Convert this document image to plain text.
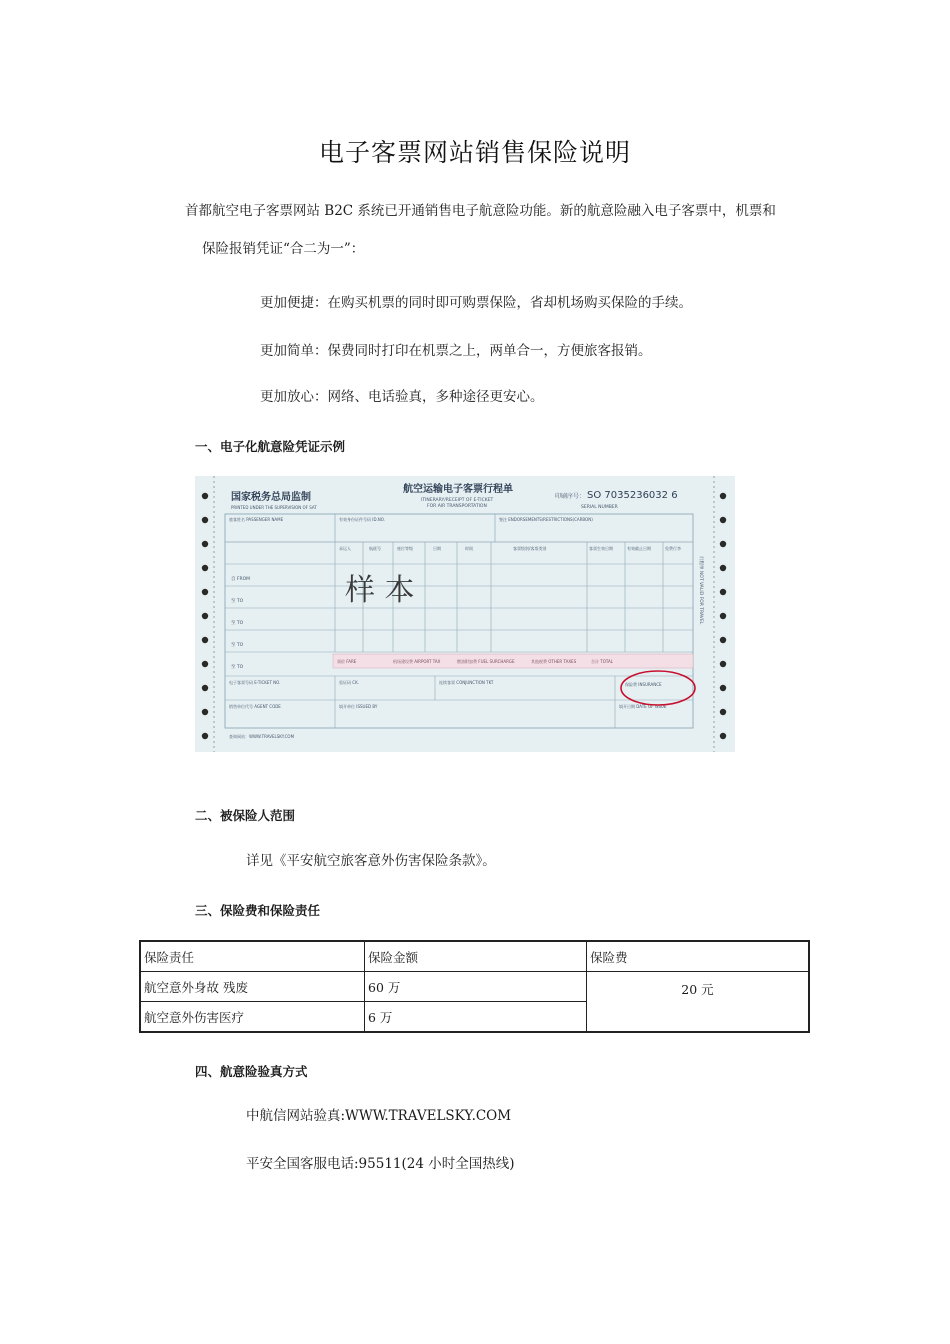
电子客票网站销售保险说明
首都航空电子客票网站 B2C 系统已开通销售电子航意险功能。新的航意险融入电子客票中，机票和
保险报销凭证“合二为一”：
更加便捷：在购买机票的同时即可购票保险，省却机场购买保险的手续。
更加简单：保费同时打印在机票之上，两单合一，方便旅客报销。
更加放心：网络、电话验真，多种途径更安心。
一、电子化航意险凭证示例
国家税务总局监制
PRINTED UNDER THE SUPERVISION OF SAT
航空运输电子客票行程单
ITINERARY/RECEIPT OF E-TICKET
FOR AIR TRANSPORTATION
印刷序号： SO 7035236032 6
SERIAL NUMBER
旅客姓名 PASSENGER NAME	有效身份证件号码 ID.NO.	签注 ENDORSEMENTS/RESTRICTIONS(CARBON)
承运人	航班号	座位等级	日期	时间	客票级别/客票类别	客票生效日期	有效截止日期	免费行李
自 FROM
至 TO
至 TO
至 TO
至 TO
样 本
票价 FARE	机场建设费 AIRPORT TAX	燃油附加费 FUEL SURCHARGE	其他税费 OTHER TAXES	合计 TOTAL
电子客票号码 E-TICKET NO.	验证码 CK.	连续客票 CONJUNCTION TKT	保险费 INSURANCE
销售单位代号 AGENT CODE	填开单位 ISSUED BY	填开日期 DATE OF ISSUE
查询网站：WWW.TRAVELSKY.COM
行程单 NOT VALID FOR TRAVEL
二、被保险人范围
详见《平安航空旅客意外伤害保险条款》。
三、保险费和保险责任
保险责任	保险金额	保险费
航空意外身故 残废	60 万	20 元
航空意外伤害医疗	6 万	
四、航意险验真方式
中航信网站验真:WWW.TRAVELSKY.COM
平安全国客服电话:95511(24 小时全国热线)
